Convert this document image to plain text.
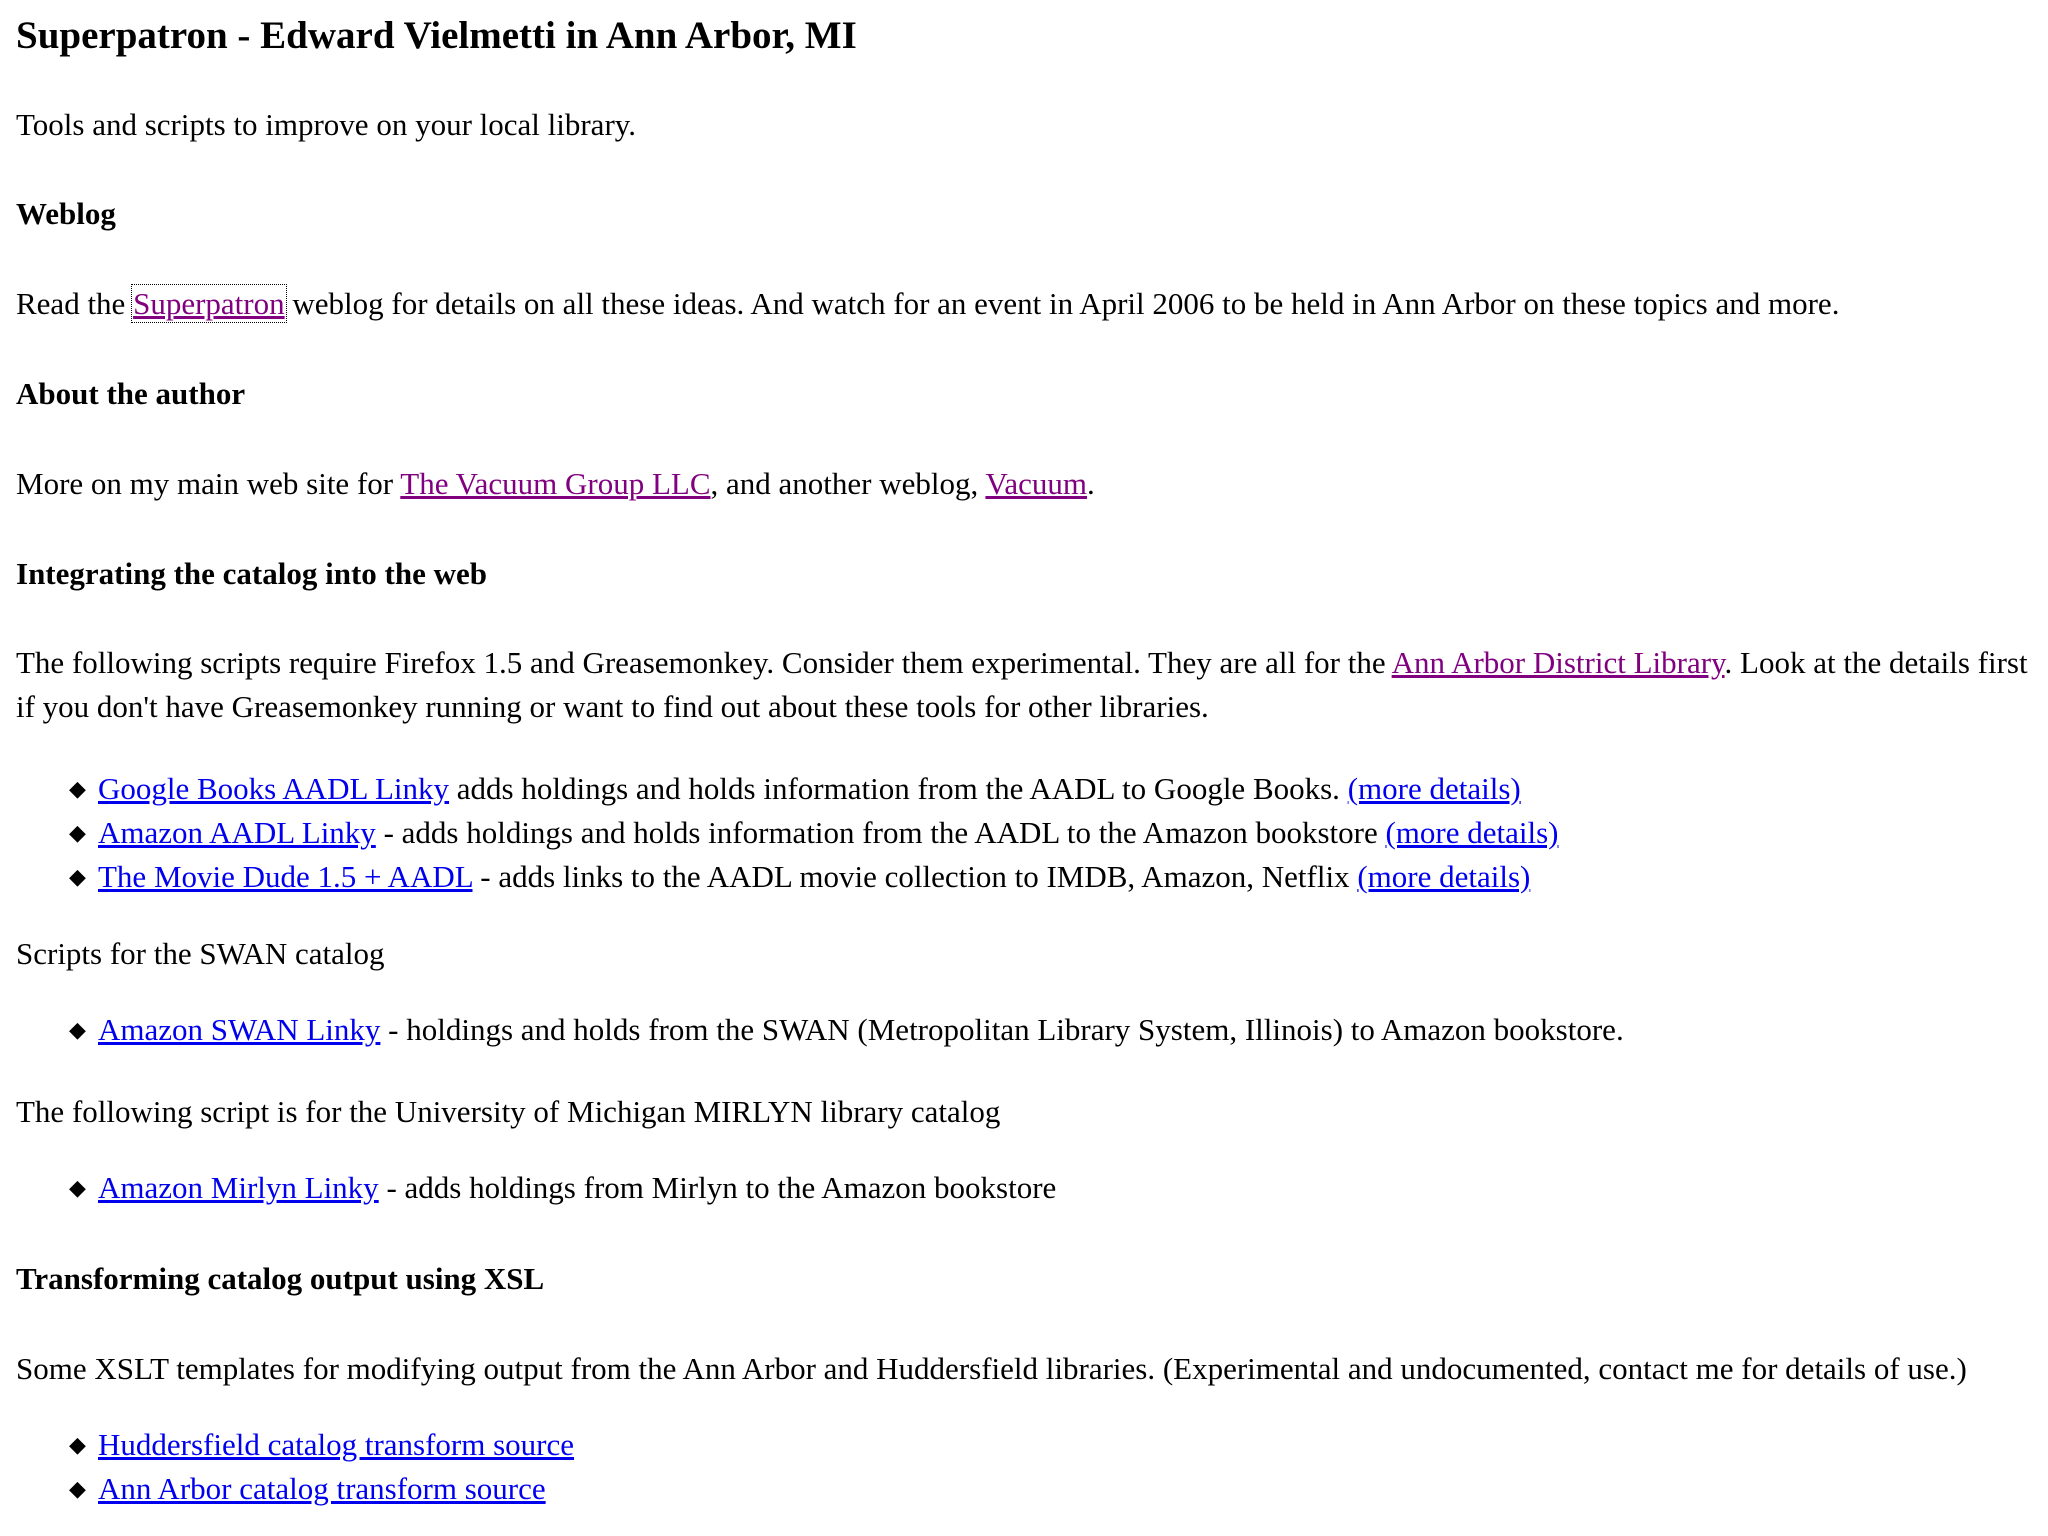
Superpatron - Edward Vielmetti in Ann Arbor, MI

Tools and scripts to improve on your local library.

Weblog

Read the Superpatron weblog for details on all these ideas. And watch for an event in April 2006 to be held in Ann Arbor on these topics and more.

About the author

More on my main web site for The Vacuum Group LLC, and another weblog, Vacuum.

Integrating the catalog into the web

The following scripts require Firefox 1.5 and Greasemonkey. Consider them experimental. They are all for the Ann Arbor District Library. Look at the details first if you don't have Greasemonkey running or want to find out about these tools for other libraries.

◆ Google Books AADL Linky adds holdings and holds information from the AADL to Google Books. (more details)
◆ Amazon AADL Linky - adds holdings and holds information from the AADL to the Amazon bookstore (more details)
◆ The Movie Dude 1.5 + AADL - adds links to the AADL movie collection to IMDB, Amazon, Netflix (more details)

Scripts for the SWAN catalog

◆ Amazon SWAN Linky - holdings and holds from the SWAN (Metropolitan Library System, Illinois) to Amazon bookstore.

The following script is for the University of Michigan MIRLYN library catalog

◆ Amazon Mirlyn Linky - adds holdings from Mirlyn to the Amazon bookstore
Transforming catalog output using XSL

Some XSLT templates for modifying output from the Ann Arbor and Huddersfield libraries. (Experimental and undocumented, contact me for details of use.)

◆ Huddersfield catalog transform source
◆ Ann Arbor catalog transform source
